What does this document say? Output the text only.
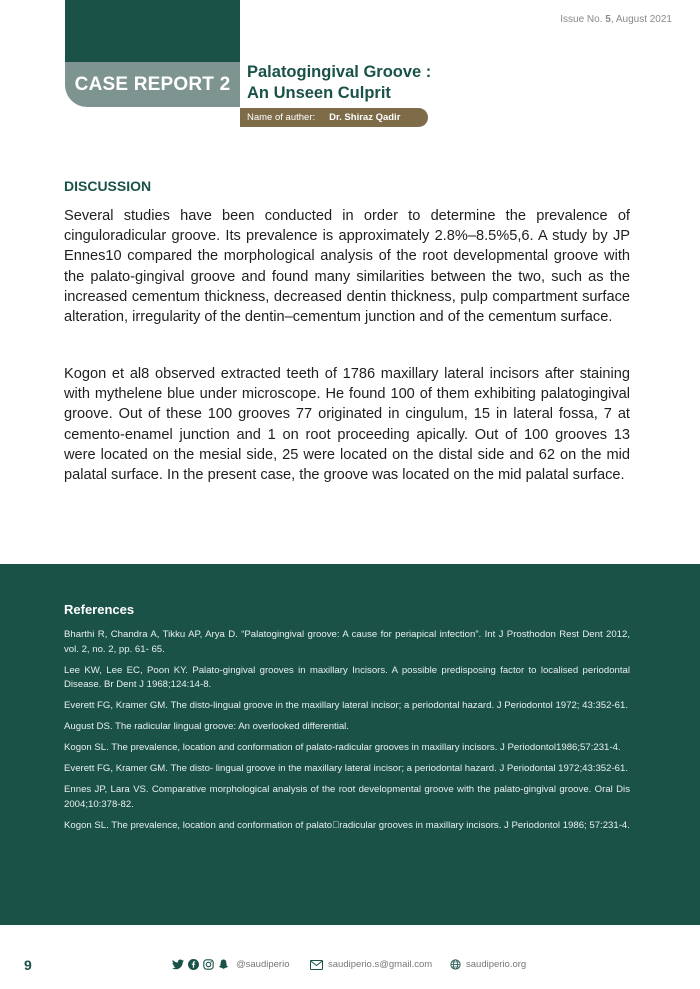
CASE REPORT 2
Issue No. 5, August 2021
Palatogingival Groove :
An Unseen Culprit
Name of auther: Dr. Shiraz Qadir
DISCUSSION

Several studies have been conducted in order to determine the prevalence of cinguloradicular groove. Its prevalence is approximately 2.8%–8.5%5,6. A study by JP Ennes10 compared the morphological analysis of the root developmental groove with the palato-gingival groove and found many similarities between the two, such as the increased cementum thickness, decreased dentin thickness, pulp compartment surface alteration, irregularity of the dentin–cementum junction and of the cementum surface.

Kogon et al8 observed extracted teeth of 1786 maxillary lateral incisors after staining with mythelene blue under microscope. He found 100 of them exhibiting palatogingival groove. Out of these 100 grooves 77 originated in cingulum, 15 in lateral fossa, 7 at cemento-enamel junction and 1 on root proceeding apically. Out of 100 grooves 13 were located on the mesial side, 25 were located on the distal side and 62 on the mid palatal surface. In the present case, the groove was located on the mid palatal surface.

References
Bharthi R, Chandra A, Tikku AP, Arya D. “Palatogingival groove: A cause for periapical infection”. Int J Prosthodon Rest Dent 2012, vol. 2, no. 2, pp. 61- 65.
Lee KW, Lee EC, Poon KY. Palato-gingival grooves in maxillary Incisors. A possible predisposing factor to localised periodontal Disease. Br Dent J 1968;124:14-8.
Everett FG, Kramer GM. The disto-lingual groove in the maxillary lateral incisor; a periodontal hazard. J Periodontol 1972; 43:352-61.
August DS. The radicular lingual groove: An overlooked differential.
Kogon SL. The prevalence, location and conformation of palato-radicular grooves in maxillary incisors. J Periodontol1986;57:231-4.
Everett FG, Kramer GM. The disto- lingual groove in the maxillary lateral incisor; a periodontal hazard. J Periodontal 1972;43:352-61.
Ennes JP, Lara VS. Comparative morphological analysis of the root developmental groove with the palato-gingival groove. Oral Dis 2004;10:378-82.
Kogon SL. The prevalence, location and conformation of palato radicular grooves in maxillary incisors. J Periodontol 1986; 57:231-4.
9	@saudiperio	saudiperio.s@gmail.com	saudiperio.org
